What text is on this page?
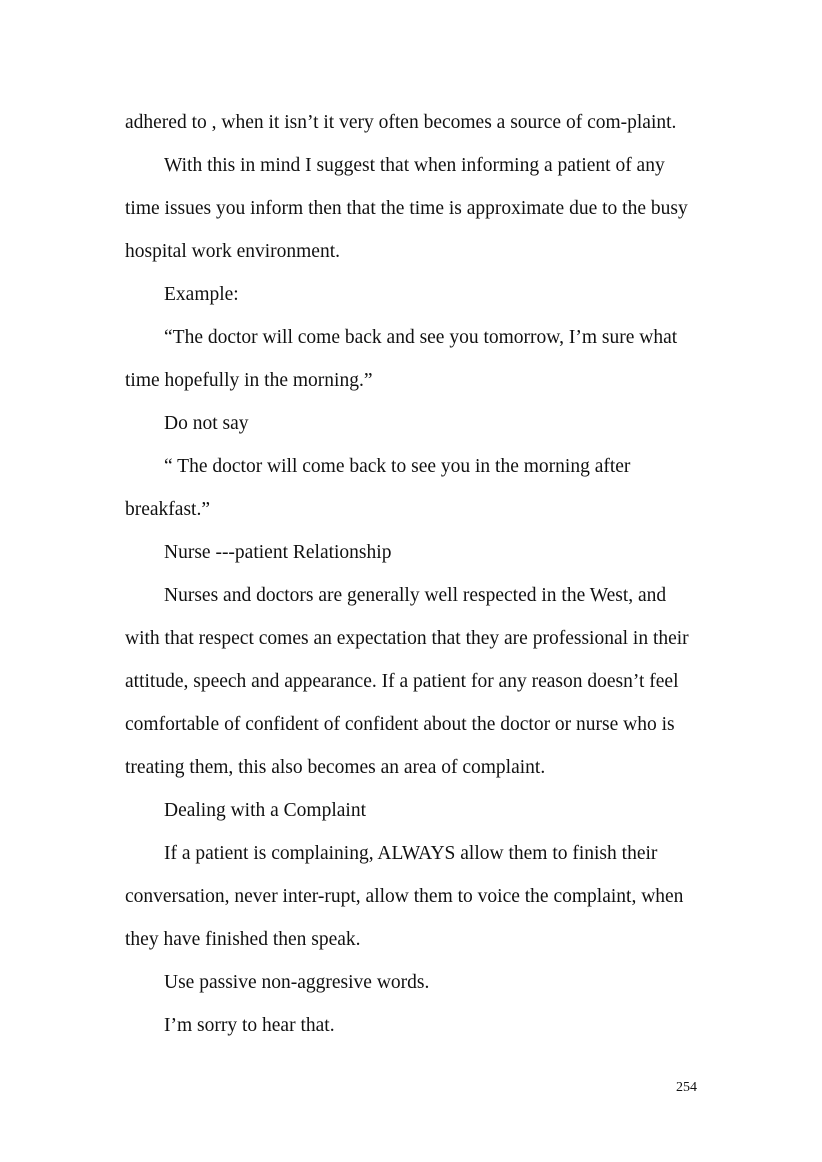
adhered to , when it isn’t it very often becomes a source of com-plaint.

With this in mind I suggest that when informing a patient of any

time issues you inform then that the time is approximate due to the busy

hospital work environment.

Example:

“The doctor will come back and see you tomorrow, I’m sure what

time hopefully in the morning.”

Do not say

“ The doctor will come back to see you in the morning after

breakfast.”

Nurse ---patient Relationship

Nurses and doctors are generally well respected in the West, and

with that respect comes an expectation that they are professional in their

attitude, speech and appearance. If a patient for any reason doesn’t feel

comfortable of confident of confident about the doctor or nurse who is

treating them, this also becomes an area of complaint.

Dealing with a Complaint

If a patient is complaining, ALWAYS allow them to finish their

conversation, never inter-rupt, allow them to voice the complaint, when

they have finished then speak.

Use passive non-aggresive words.

I’m sorry to hear that.

254
